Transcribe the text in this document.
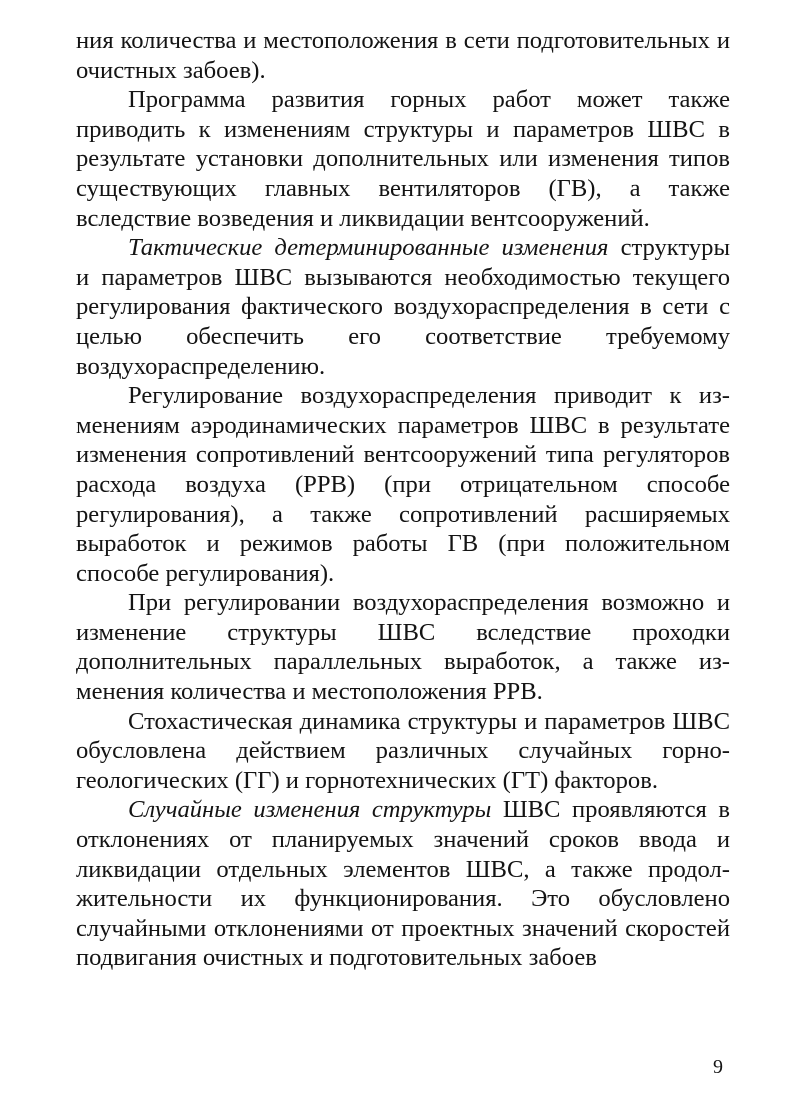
ния количества и местоположения в сети подготовительных и очистных забоев).

Программа развития горных работ может также приводить к изменениям структуры и параметров ШВС в результате установки дополнительных или изменения типов существующих главных вентиляторов (ГВ), а также вследствие возведения и ликвидации вентсооружений.

Тактические детерминированные изменения структуры и параметров ШВС вызываются необходимостью текущего регулирования фактического воздухораспределения в сети с целью обеспечить его соответствие требуемому воздухораспределению.

Регулирование воздухораспределения приводит к изменениям аэродинамических параметров ШВС в результате изменения сопротивлений вентсооружений типа регуляторов расхода воздуха (РРВ) (при отрицательном способе регулирования), а также сопротивлений расширяемых выработок и режимов работы ГВ (при положительном способе регулирования).

При регулировании воздухораспределения возможно и изменение структуры ШВС вследствие проходки дополнительных параллельных выработок, а также изменения количества и местоположения РРВ.

Стохастическая динамика структуры и параметров ШВС обусловлена действием различных случайных горно-геологических (ГГ) и горнотехнических (ГТ) факторов.

Случайные изменения структуры ШВС проявляются в отклонениях от планируемых значений сроков ввода и ликвидации отдельных элементов ШВС, а также продолжительности их функционирования. Это обусловлено случайными отклонениями от проектных значений скоростей подвигания очистных и подготовительных забоев

9
